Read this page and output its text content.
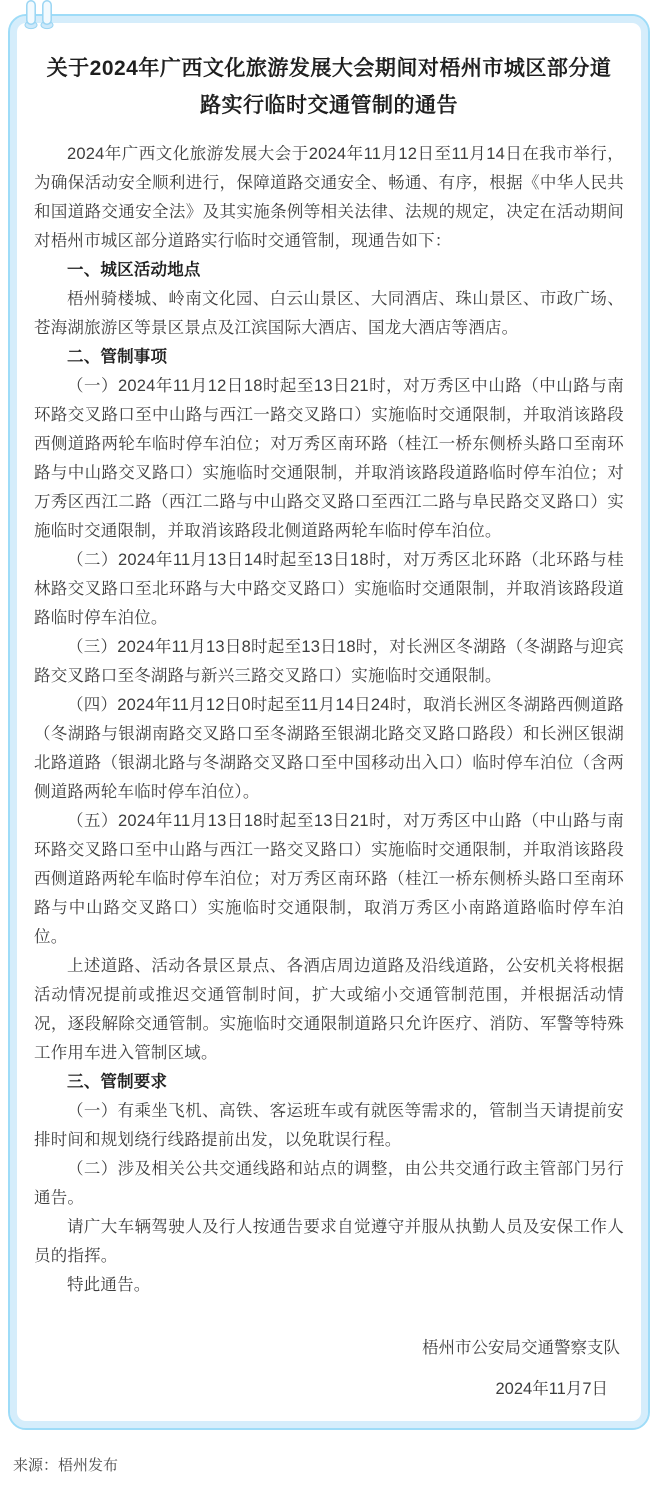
关于2024年广西文化旅游发展大会期间对梧州市城区部分道路实行临时交通管制的通告

2024年广西文化旅游发展大会于2024年11月12日至11月14日在我市举行，为确保活动安全顺利进行，保障道路交通安全、畅通、有序，根据《中华人民共和国道路交通安全法》及其实施条例等相关法律、法规的规定，决定在活动期间对梧州市城区部分道路实行临时交通管制，现通告如下：

一、城区活动地点

梧州骑楼城、岭南文化园、白云山景区、大同酒店、珠山景区、市政广场、苍海湖旅游区等景区景点及江滨国际大酒店、国龙大酒店等酒店。

二、管制事项

（一）2024年11月12日18时起至13日21时，对万秀区中山路（中山路与南环路交叉路口至中山路与西江一路交叉路口）实施临时交通限制，并取消该路段西侧道路两轮车临时停车泊位；对万秀区南环路（桂江一桥东侧桥头路口至南环路与中山路交叉路口）实施临时交通限制，并取消该路段道路临时停车泊位；对万秀区西江二路（西江二路与中山路交叉路口至西江二路与阜民路交叉路口）实施临时交通限制，并取消该路段北侧道路两轮车临时停车泊位。

（二）2024年11月13日14时起至13日18时，对万秀区北环路（北环路与桂林路交叉路口至北环路与大中路交叉路口）实施临时交通限制，并取消该路段道路临时停车泊位。

（三）2024年11月13日8时起至13日18时，对长洲区冬湖路（冬湖路与迎宾路交叉路口至冬湖路与新兴三路交叉路口）实施临时交通限制。

（四）2024年11月12日0时起至11月14日24时，取消长洲区冬湖路西侧道路（冬湖路与银湖南路交叉路口至冬湖路至银湖北路交叉路口路段）和长洲区银湖北路道路（银湖北路与冬湖路交叉路口至中国移动出入口）临时停车泊位（含两侧道路两轮车临时停车泊位）。

（五）2024年11月13日18时起至13日21时，对万秀区中山路（中山路与南环路交叉路口至中山路与西江一路交叉路口）实施临时交通限制，并取消该路段西侧道路两轮车临时停车泊位；对万秀区南环路（桂江一桥东侧桥头路口至南环路与中山路交叉路口）实施临时交通限制，取消万秀区小南路道路临时停车泊位。

上述道路、活动各景区景点、各酒店周边道路及沿线道路，公安机关将根据活动情况提前或推迟交通管制时间，扩大或缩小交通管制范围，并根据活动情况，逐段解除交通管制。实施临时交通限制道路只允许医疗、消防、军警等特殊工作用车进入管制区域。

三、管制要求

（一）有乘坐飞机、高铁、客运班车或有就医等需求的，管制当天请提前安排时间和规划绕行线路提前出发，以免耽误行程。

（二）涉及相关公共交通线路和站点的调整，由公共交通行政主管部门另行通告。

请广大车辆驾驶人及行人按通告要求自觉遵守并服从执勤人员及安保工作人员的指挥。

特此通告。

梧州市公安局交通警察支队
2024年11月7日
来源：梧州发布
